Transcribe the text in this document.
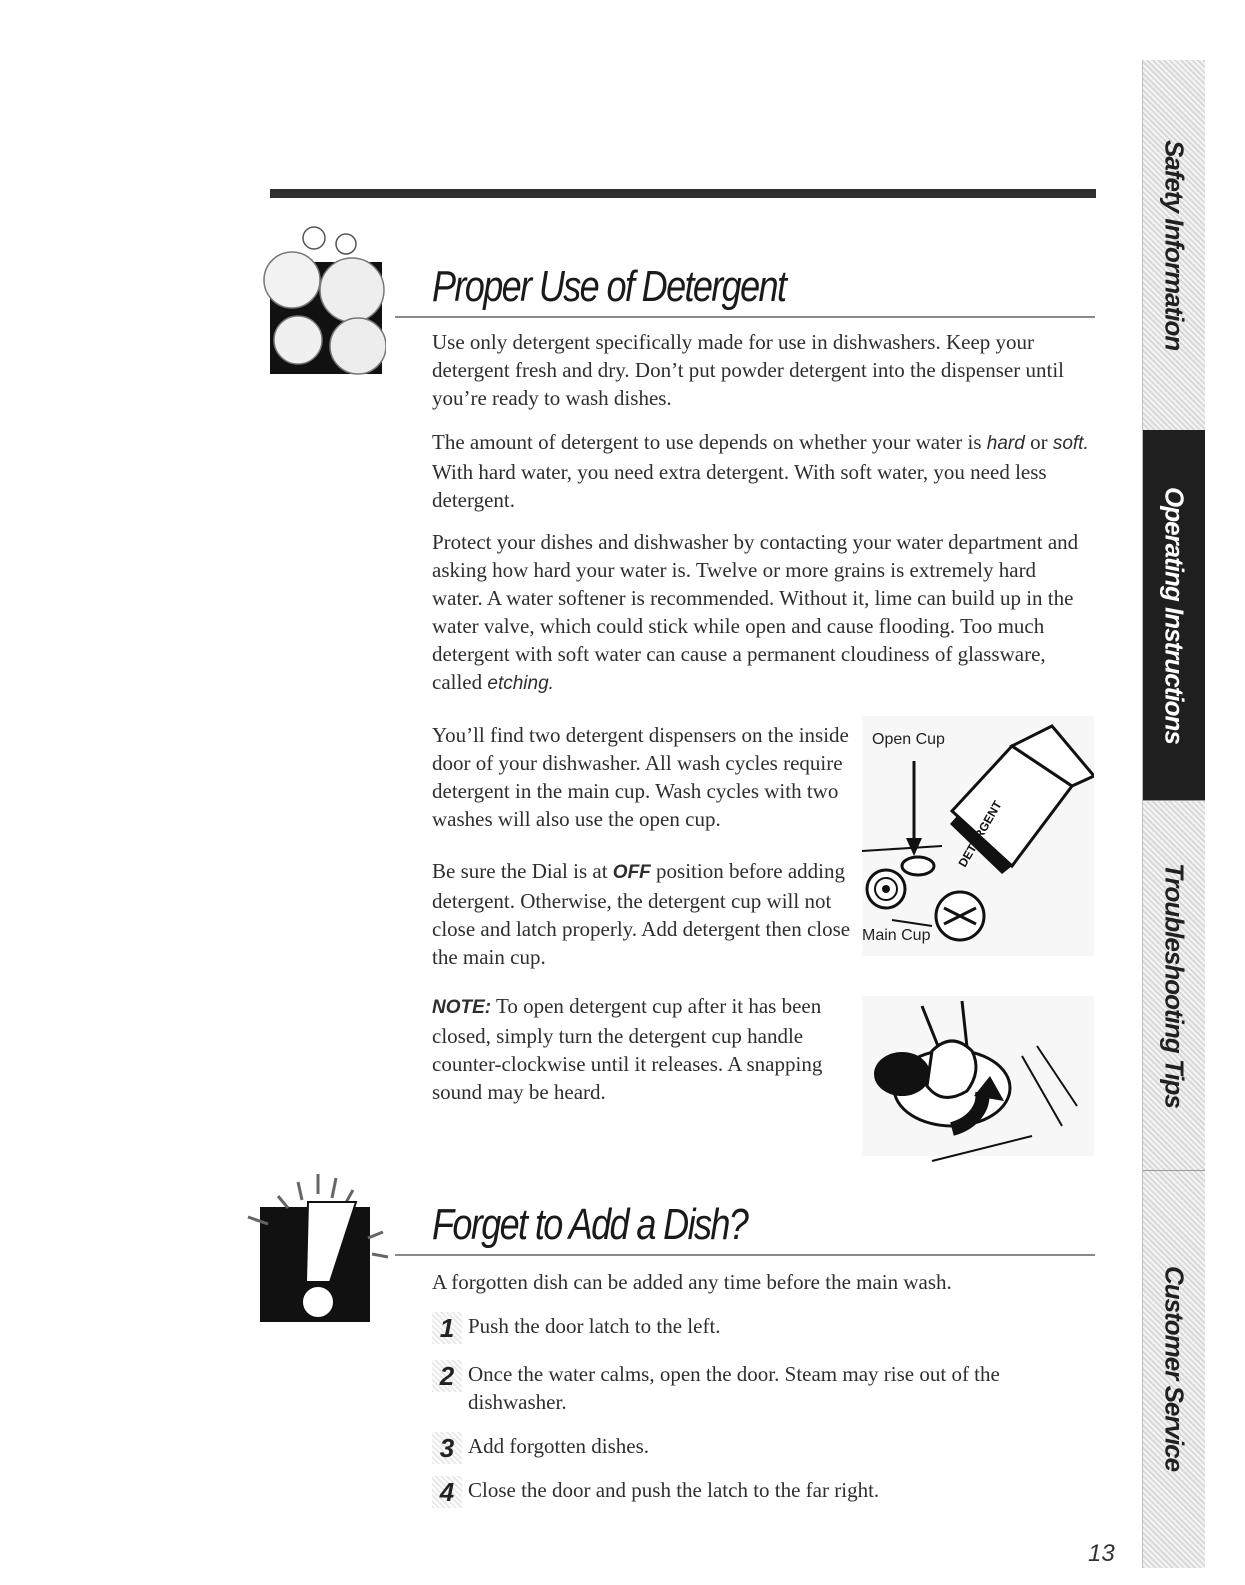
Proper Use of Detergent

Use only detergent specifically made for use in dishwashers. Keep your detergent fresh and dry. Don’t put powder detergent into the dispenser until you’re ready to wash dishes.

The amount of detergent to use depends on whether your water is hard or soft. With hard water, you need extra detergent. With soft water, you need less detergent.

Protect your dishes and dishwasher by contacting your water department and asking how hard your water is. Twelve or more grains is extremely hard water. A water softener is recommended. Without it, lime can build up in the water valve, which could stick while open and cause flooding. Too much detergent with soft water can cause a permanent cloudiness of glassware, called etching.

You’ll find two detergent dispensers on the inside door of your dishwasher. All wash cycles require detergent in the main cup. Wash cycles with two washes will also use the open cup.

Be sure the Dial is at OFF position before adding detergent. Otherwise, the detergent cup will not close and latch properly. Add detergent then close the main cup.

NOTE: To open detergent cup after it has been closed, simply turn the detergent cup handle counter-clockwise until it releases. A snapping sound may be heard.

DETERGENT
Open Cup
Main Cup
Forget to Add a Dish?

A forgotten dish can be added any time before the main wash.

1 Push the door latch to the left.
2 Once the water calms, open the door. Steam may rise out of the dishwasher.
3 Add forgotten dishes.
4 Close the door and push the latch to the far right.
13
Safety Information
Operating Instructions
Troubleshooting Tips
Customer Service
